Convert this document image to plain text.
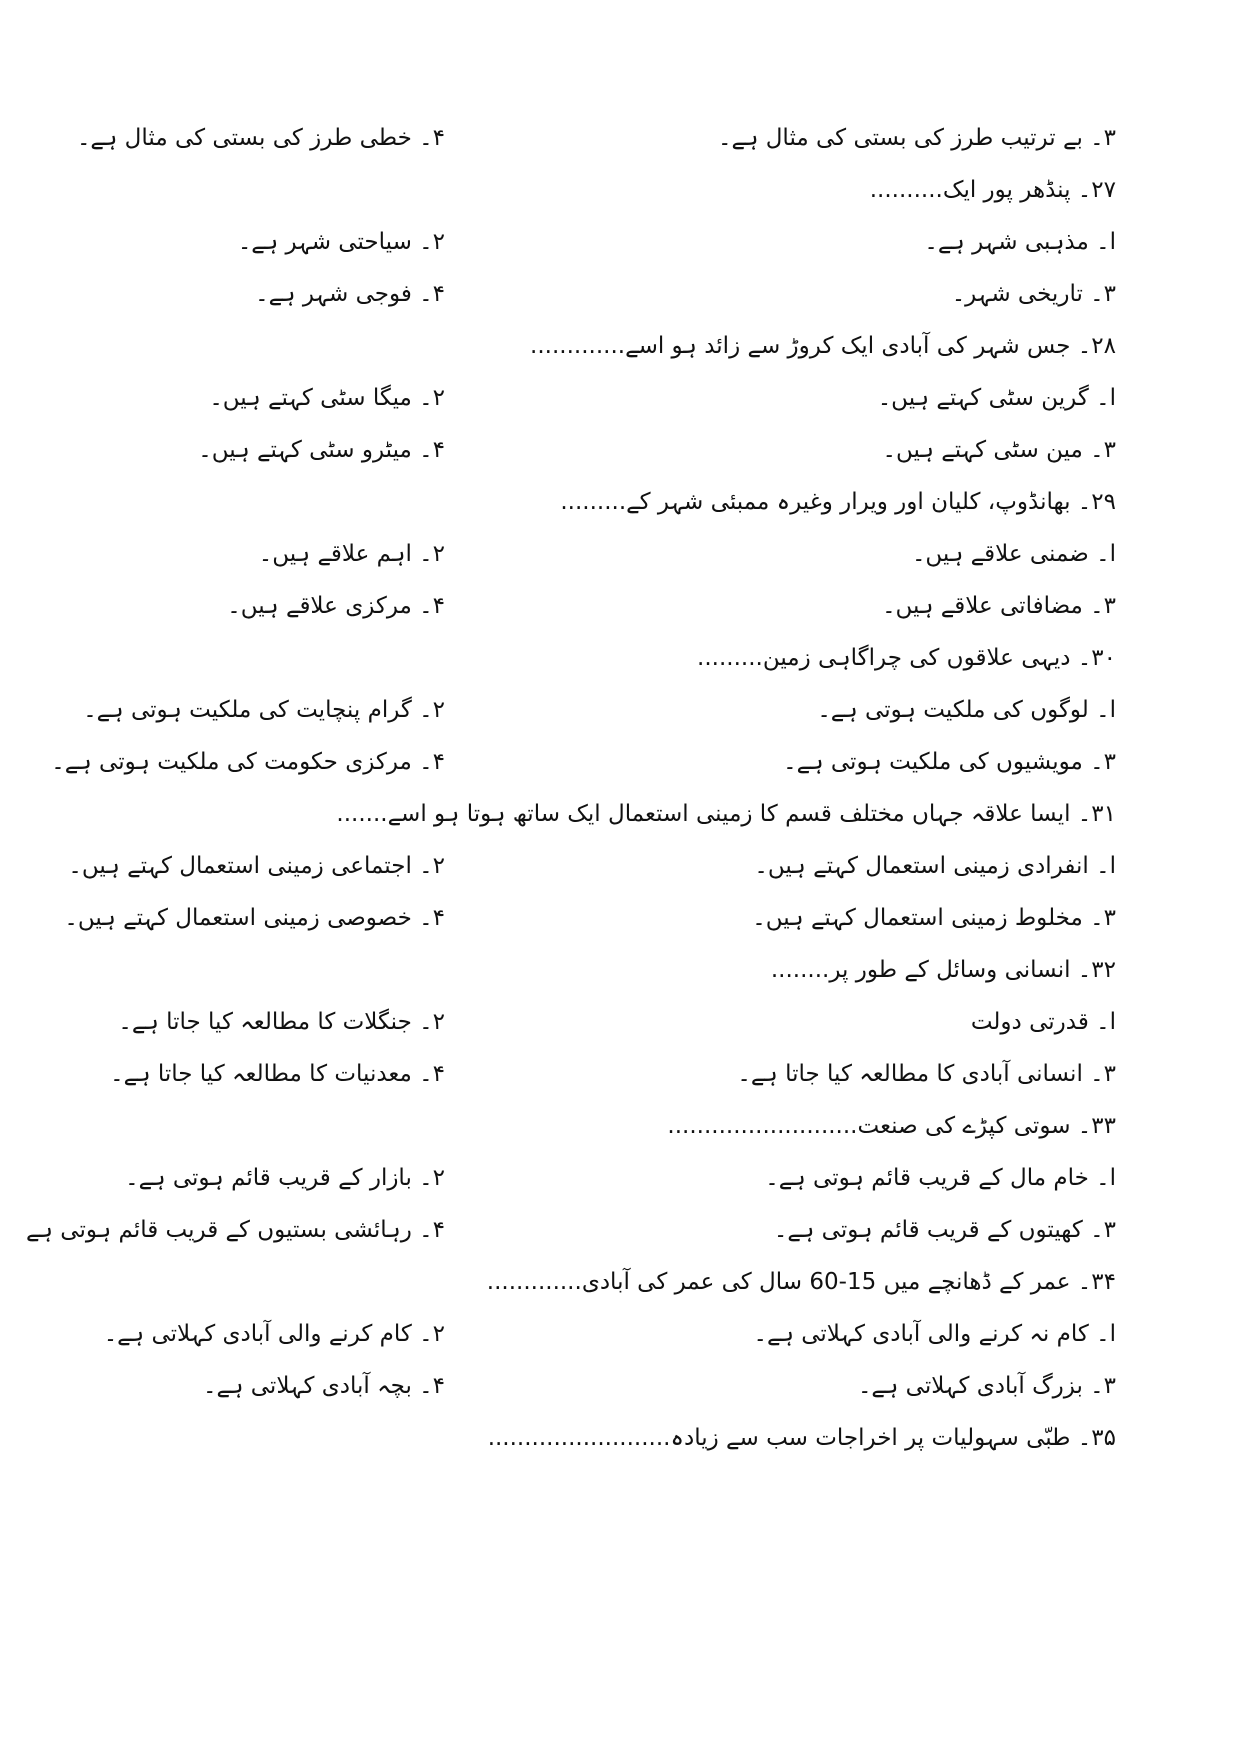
۳۔ بے ترتیب طرز کی بستی کی مثال ہے۔
۴۔ خطی طرز کی بستی کی مثال ہے۔
۲۷۔ پنڈھر پور ایک..........
ا۔ مذہبی شہر ہے۔
۲۔ سیاحتی شہر ہے۔
۳۔ تاریخی شہر۔
۴۔ فوجی شہر ہے۔
۲۸۔ جس شہر کی آبادی ایک کروڑ سے زائد ہو اسے.............
ا۔ گرین سٹی کہتے ہیں۔
۲۔ میگا سٹی کہتے ہیں۔
۳۔ مین سٹی کہتے ہیں۔
۴۔ میٹرو سٹی کہتے ہیں۔
۲۹۔ بھانڈوپ، کلیان اور ویرار وغیرہ ممبئی شہر کے.........
ا۔ ضمنی علاقے ہیں۔
۲۔ اہم علاقے ہیں۔
۳۔ مضافاتی علاقے ہیں۔
۴۔ مرکزی علاقے ہیں۔
۳۰۔ دیہی علاقوں کی چراگاہی زمین.........
ا۔ لوگوں کی ملکیت ہوتی ہے۔
۲۔ گرام پنچایت کی ملکیت ہوتی ہے۔
۳۔ مویشیوں کی ملکیت ہوتی ہے۔
۴۔ مرکزی حکومت کی ملکیت ہوتی ہے۔
۳۱۔ ایسا علاقہ جہاں مختلف قسم کا زمینی استعمال ایک ساتھ ہوتا ہو اسے.......
ا۔ انفرادی زمینی استعمال کہتے ہیں۔
۲۔ اجتماعی زمینی استعمال کہتے ہیں۔
۳۔ مخلوط زمینی استعمال کہتے ہیں۔
۴۔ خصوصی زمینی استعمال کہتے ہیں۔
۳۲۔ انسانی وسائل کے طور پر........
ا۔ قدرتی دولت
۲۔ جنگلات کا مطالعہ کیا جاتا ہے۔
۳۔ انسانی آبادی کا مطالعہ کیا جاتا ہے۔
۴۔ معدنیات کا مطالعہ کیا جاتا ہے۔
۳۳۔ سوتی کپڑے کی صنعت..........................
ا۔ خام مال کے قریب قائم ہوتی ہے۔
۲۔ بازار کے قریب قائم ہوتی ہے۔
۳۔ کھیتوں کے قریب قائم ہوتی ہے۔
۴۔ رہائشی بستیوں کے قریب قائم ہوتی ہے
۳۴۔ عمر کے ڈھانچے میں 15-60 سال کی عمر کی آبادی.............
ا۔ کام نہ کرنے والی آبادی کہلاتی ہے۔
۲۔ کام کرنے والی آبادی کہلاتی ہے۔
۳۔ بزرگ آبادی کہلاتی ہے۔
۴۔ بچہ آبادی کہلاتی ہے۔
۳۵۔ طبّی سہولیات پر اخراجات سب سے زیادہ.........................
